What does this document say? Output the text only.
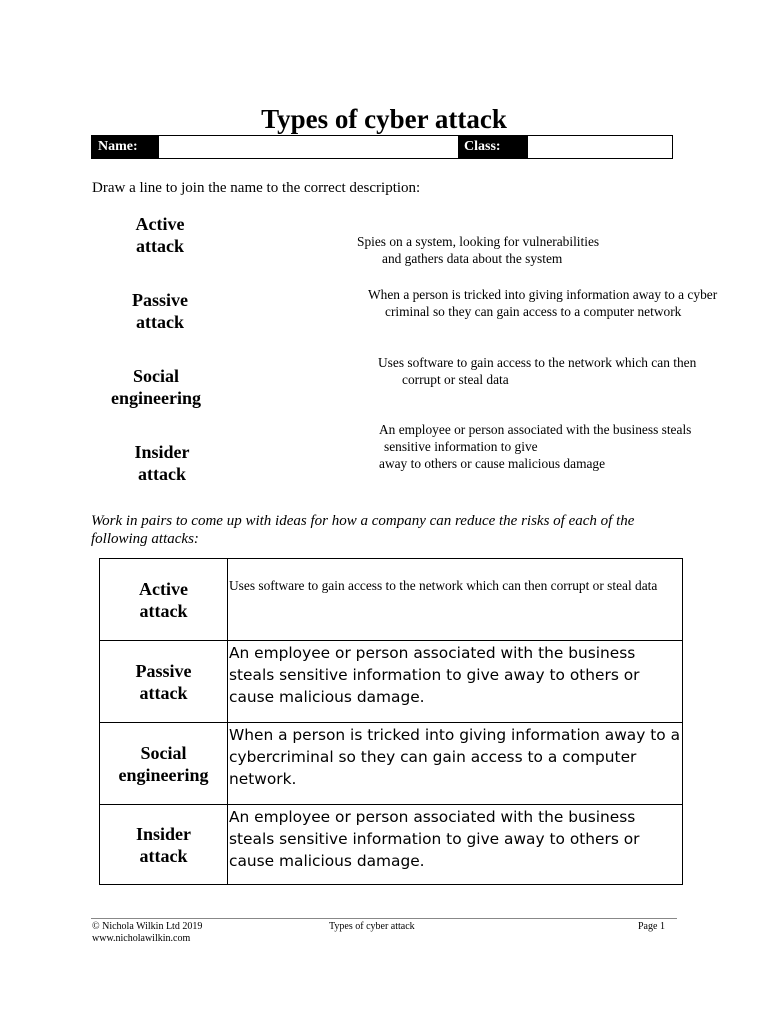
Types of cyber attack
Name:	Class:
Draw a line to join the name to the correct description:
Active
attack
Passive
attack
Social
engineering
Insider
attack
Spies on a system, looking for vulnerabilities
and gathers data about the system
When a person is tricked into giving information away to a cyber
criminal so they can gain access to a computer network
Uses software to gain access to the network which can then
corrupt or steal data
An employee or person associated with the business steals
sensitive information to give
away to others or cause malicious damage
Work in pairs to come up with ideas for how a company can reduce the risks of each of the following attacks:
Active
attack
Uses software to gain access to the network which can then corrupt or steal data
Passive
attack
An employee or person associated with the business steals sensitive information to give away to others or cause malicious damage.
Social
engineering
When a person is tricked into giving information away to a cybercriminal so they can gain access to a computer network.
Insider
attack
An employee or person associated with the business steals sensitive information to give away to others or cause malicious damage.
© Nichola Wilkin Ltd 2019
www.nicholawilkin.com
Types of cyber attack	Page 1
